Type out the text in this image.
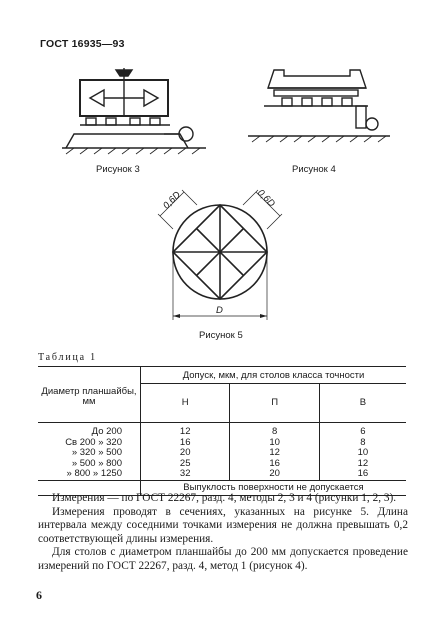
ГОСТ 16935—93
Рисунок 3	Рисунок 4
0,6D	0,6D
D
Рисунок 5
Таблица 1
Диаметр планшайбы, мм	Допуск, мкм, для столов класса точности		
	Н	П	В
До 200	12	8	6
Св 200 » 320	16	10	8
» 320 » 500	20	12	10
» 500 » 800	25	16	12
» 800 » 1250	32	20	16
	Выпуклость поверхности не допускается		

Измерения — по ГОСТ 22267, разд. 4, методы 2, 3 и 4 (рисунки 1, 2, 3).

Измерения проводят в сечениях, указанных на рисунке 5. Длина интервала между соседними точками измерения не должна превышать 0,2 соответствующей длины измерения.

Для столов с диаметром планшайбы до 200 мм допускается проведение измерений по ГОСТ 22267, разд. 4, метод 1 (рисунок 4).

6
